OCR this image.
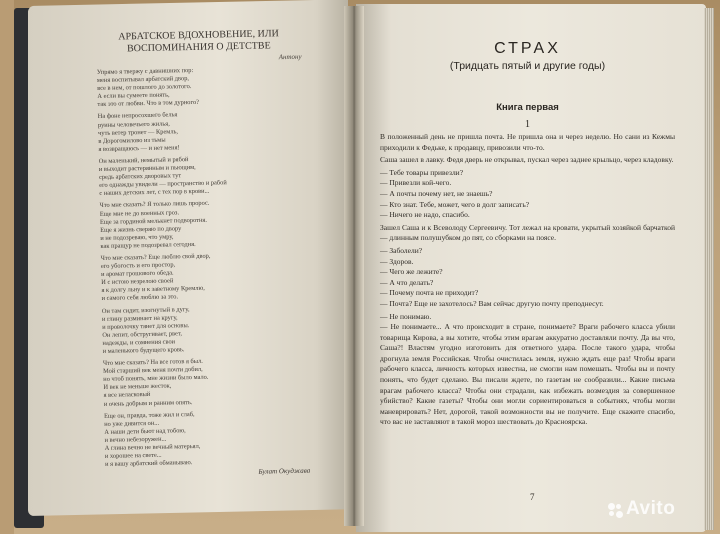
АРБАТСКОЕ ВДОХНОВЕНИЕ, ИЛИ ВОСПОМИНАНИЯ О ДЕТСТВЕ
Антону
Упрямо я твержу с давнишних пор:
меня воспитывал арбатский двор,
все в нем, от пошлого до золотого.
А если вы сумеете понять,
так это от любви. Что в том дурного?
На фоне непросохшего белья
руины человечьего жилья,
чуть ветер тронет — Кремль,
в Дорогомилово из тьмы
я возвращаюсь — и нет меня!
Он маленький, немытый и рябой
и выходит растерянным и пьющим,
средь арбатских дворовых тут
его однажды увидели — пространство и рабой
с наших детских лет, с тех пор в крови...
Что мне сказать? Я только лишь пророс.
Еще мне не до военных гроз.
Еще за гординой мелькнет подворотня.
Еще я жизнь сверяю по двору
и не подозреваю, что умру,
как пращур не подозревал сегодня.
Что мне сказать? Еще люблю свой двор,
его убогость и его простор,
и аромат грошового обеда.
И с истою незрелою своей
я к долгу льну и к заветному Кремлю,
и самого себя люблю за это.
Он там сидит, изогнутый в дугу,
и глину разминает на кругу,
и проволочку тянет для основы.
Он лепит, обстругивает, рвет,
надежды, и сомнения свои
и маленького будущего кровь.
Что мне сказать? На все готов я был.
Мой старший век меня почти добил,
но чтоб понять, мне жизни было мало.
И век не меньше жесток,
я все неласковый
и очень добрым и ранним опять.
Еще он, правда, тоже жил и слаб,
но уже дивится он...
А наши дети бьют над тобою,
и вечно небезоружен...
А глина вечно не вечный матерьял,
и хорошее на свете...
и я вашу арбатский обманываю.
Булат Окуджава
СТРАХ
(Тридцать пятый и другие годы)
Книга первая
1
В положенный день не пришла почта. Не пришла она и через неделю. Но сани из Кежмы приходили к Федьке, к продавцу, привозили что-то.
Саша зашел в лавку. Федя дверь не открывал, пускал через заднее крыльцо, через кладовку.
— Тебе товары привезли?
— Привезли кой-чего.
— А почты почему нет, не знаешь?
— Кто знат. Тебе, может, чего в долг записать?
— Ничего не надо, спасибо.
Зашел Саша и к Всеволоду Сергеевичу. Тот лежал на кровати, укрытый хозяйкой барчаткой — длинным полушубком до пят, со сборками на поясе.
— Заболели?
— Здоров.
— Чего же лежите?
— А что делать?
— Почему почта не приходит?
— Почта? Еще не захотелось? Вам сейчас другую почту преподнесут.
— Не понимаю.
— Не понимаете... А что происходит в стране, понимаете? Враги рабочего класса убили товарища Кирова, а вы хотите, чтобы этим врагам аккуратно доставляли почту. Да вы что, Саша?! Властям угодно изготовить для ответного удара. После такого удара, чтобы дрогнула земля Российская. Чтобы очистилась земля, нужно ждать еще раз! Чтобы враги рабочего класса, личность которых известна, не смогли нам помешать. Чтобы вы и почту понять, что будет сделано. Вы писали ждете, по газетам не сообразили... Какие письма врагам рабочего класса? Чтобы они страдали, как избежать возмездия за совершенное убийство? Какие газеты? Чтобы они могли сориентироваться в событиях, чтобы могли маневрировать? Нет, дорогой, такой возможности вы не получите. Еще скажите спасибо, что вас не заставляют в такой мороз шествовать до Красноярска.
7
Avito
